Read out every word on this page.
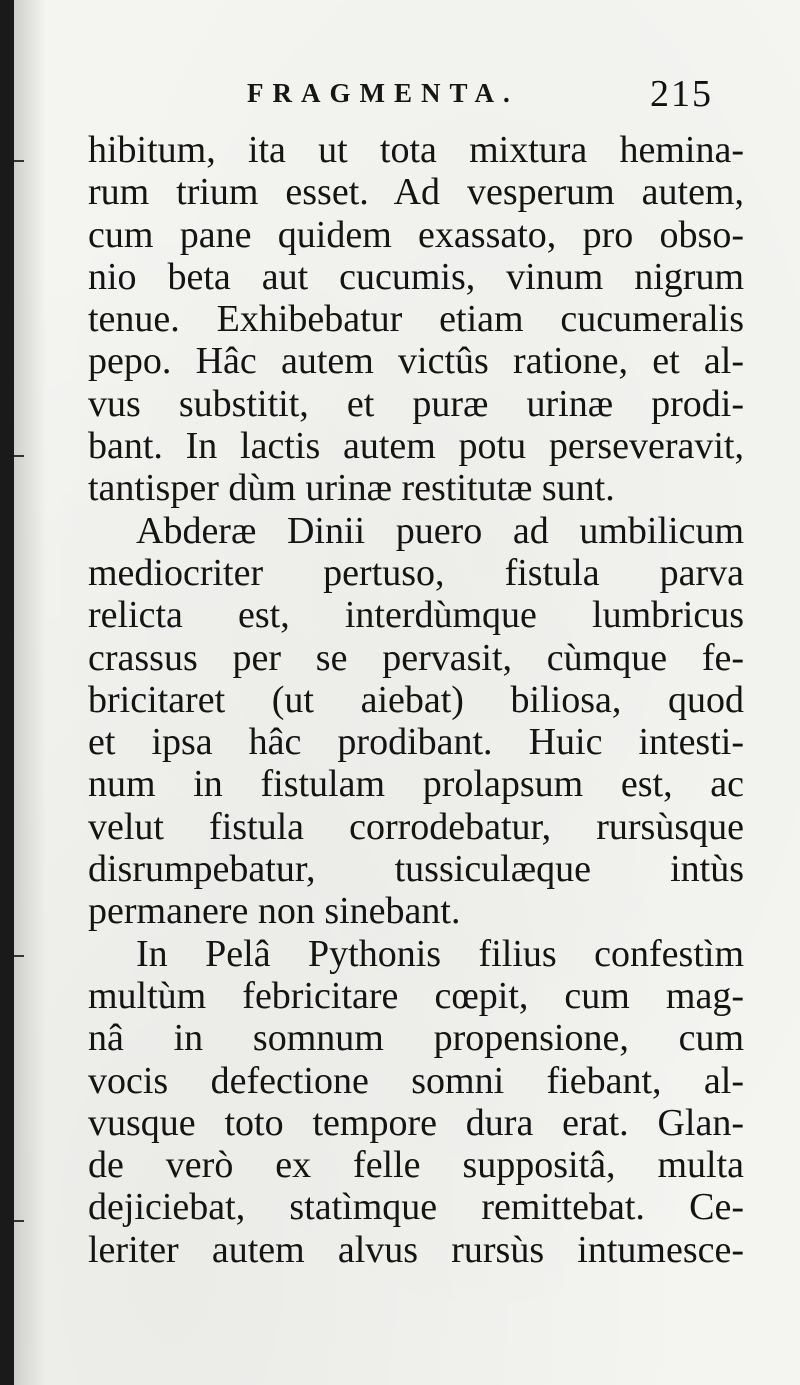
FRAGMENTA.	215
hibitum, ita ut tota mixtura hemina-
rum trium esset. Ad vesperum autem,
cum pane quidem exassato, pro obso-
nio beta aut cucumis, vinum nigrum
tenue. Exhibebatur etiam cucumeralis
pepo. Hâc autem victûs ratione, et al-
vus substitit, et puræ urinæ prodi-
bant. In lactis autem potu perseveravit,
tantisper dùm urinæ restitutæ sunt.
Abderæ Dinii puero ad umbilicum
mediocriter pertuso, fistula parva
relicta est, interdùmque lumbricus
crassus per se pervasit, cùmque fe-
bricitaret (ut aiebat) biliosa, quod
et ipsa hâc prodibant. Huic intesti-
num in fistulam prolapsum est, ac
velut fistula corrodebatur, rursùsque
disrumpebatur, tussiculæque intùs
permanere non sinebant.
In Pelâ Pythonis filius confestìm
multùm febricitare cœpit, cum mag-
nâ in somnum propensione, cum
vocis defectione somni fiebant, al-
vusque toto tempore dura erat. Glan-
de verò ex felle suppositâ, multa
dejiciebat, statìmque remittebat. Ce-
leriter autem alvus rursùs intumesce-
